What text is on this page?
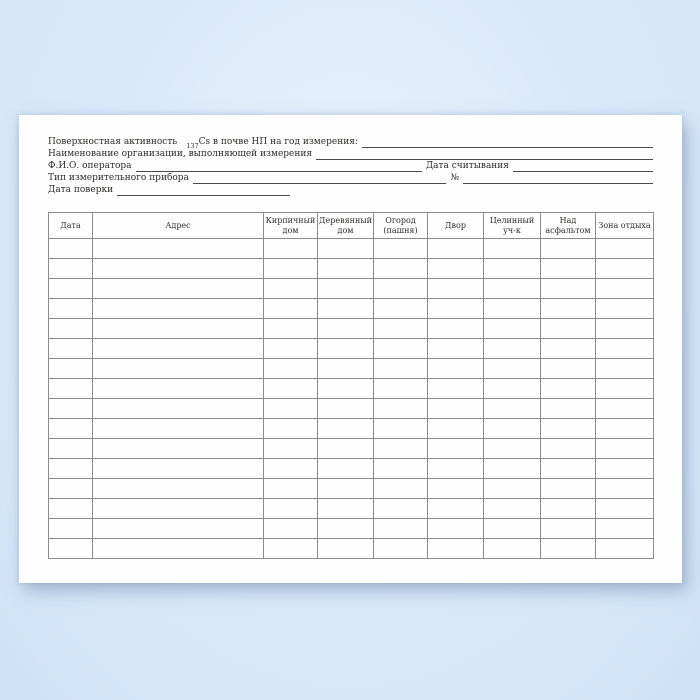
Поверхностная активность 137 Cs в почве НП на год измерения:
Наименование организации, выполняющей измерения
Ф.И.О. оператора	Дата считывания
Тип измерительного прибора	№
Дата поверки
Дата	Адрес	Кирпичный дом	Деревянный дом	Огород (пашня)	Двор	Целинный уч-к	Над асфальтом	Зона отдыха
